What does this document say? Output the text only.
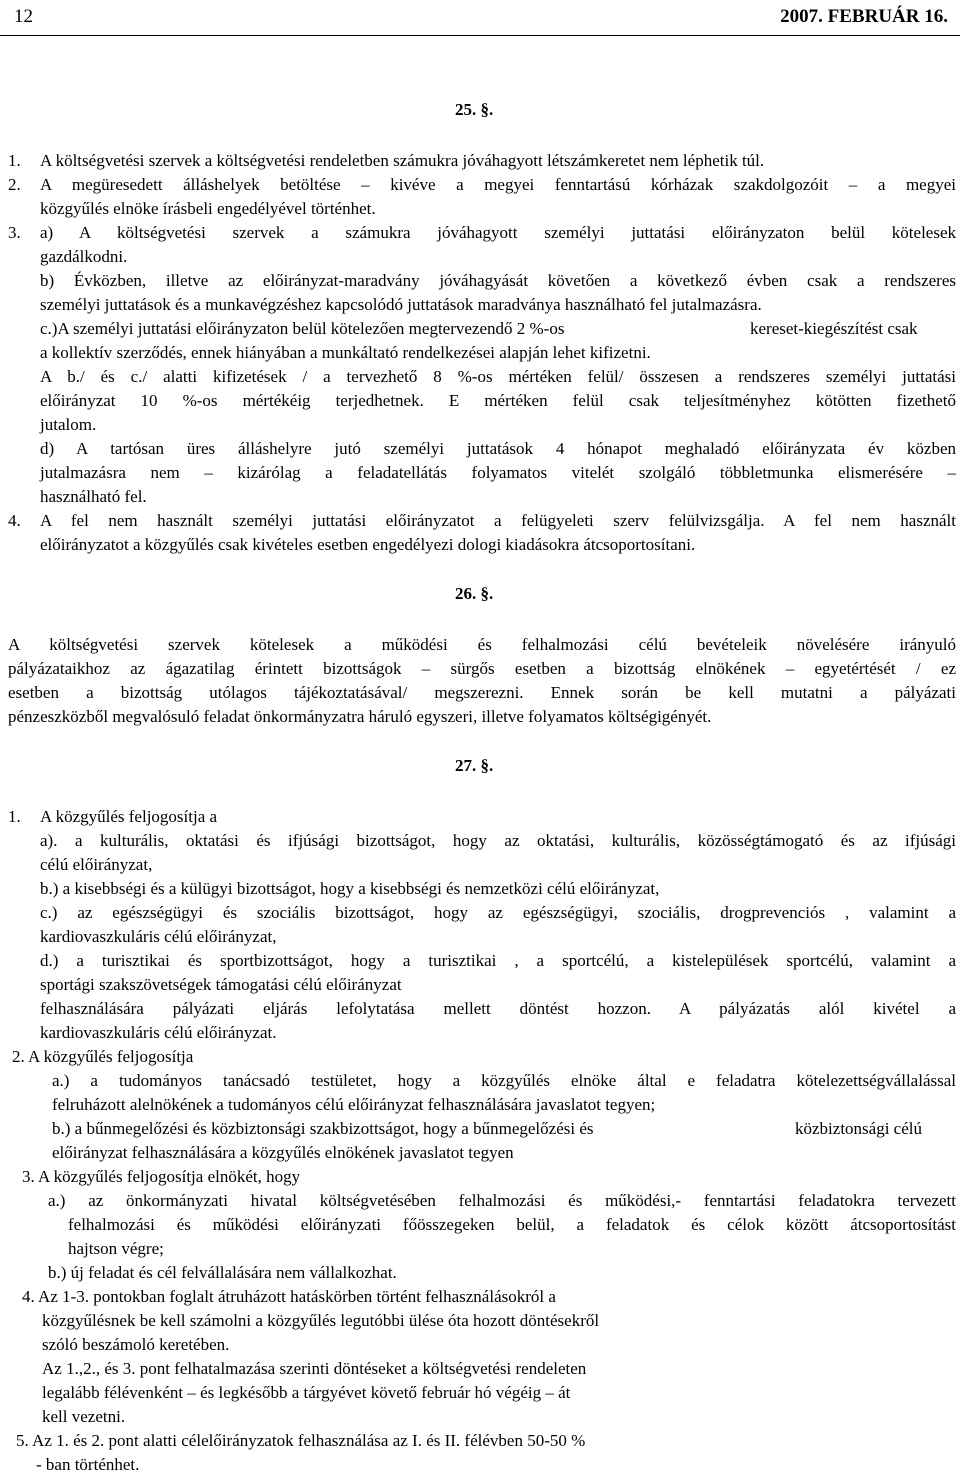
12	2007. FEBRUÁR 16.
25. §.
1. A költségvetési szervek a költségvetési rendeletben számukra jóváhagyott létszámkeretet nem léphetik túl.
2. A megüresedett álláshelyek betöltése – kivéve a megyei fenntartású kórházak szakdolgozóit – a megyei
közgyűlés elnöke írásbeli engedélyével történhet.
3. a) A költségvetési szervek a számukra jóváhagyott személyi juttatási előirányzaton belül kötelesek
gazdálkodni.
b) Évközben, illetve az előirányzat-maradvány jóváhagyását követően a következő évben csak a rendszeres
személyi juttatások és a munkavégzéshez kapcsolódó juttatások maradványa használható fel jutalmazásra.
c.)A személyi juttatási előirányzaton belül kötelezően megtervezendő 2 %-os	kereset-kiegészítést csak
a kollektív szerződés, ennek hiányában a munkáltató rendelkezései alapján lehet kifizetni.
A b./ és c./ alatti kifizetések / a tervezhető 8 %-os mértéken felül/ összesen a rendszeres személyi juttatási
előirányzat 10 %-os mértékéig terjedhetnek. E mértéken felül csak teljesítményhez kötötten fizethető
jutalom.
d) A tartósan üres álláshelyre jutó személyi juttatások 4 hónapot meghaladó előirányzata év közben
jutalmazásra nem – kizárólag a feladatellátás folyamatos vitelét szolgáló többletmunka elismerésére –
használható fel.
4. A fel nem használt személyi juttatási előirányzatot a felügyeleti szerv felülvizsgálja. A fel nem használt
előirányzatot a közgyűlés csak kivételes esetben engedélyezi dologi kiadásokra átcsoportosítani.
26. §.
A költségvetési szervek kötelesek a működési és felhalmozási célú bevételeik növelésére irányuló
pályázataikhoz az ágazatilag érintett bizottságok – sürgős esetben a bizottság elnökének – egyetértését / ez
esetben a bizottság utólagos tájékoztatásával/ megszerezni. Ennek során be kell mutatni a pályázati
pénzeszközből megvalósuló feladat önkormányzatra háruló egyszeri, illetve folyamatos költségigényét.
27. §.
1. A közgyűlés feljogosítja a
a). a kulturális, oktatási és ifjúsági bizottságot, hogy az oktatási, kulturális, közösségtámogató és az ifjúsági
célú előirányzat,
b.) a kisebbségi és a külügyi bizottságot, hogy a kisebbségi és nemzetközi célú előirányzat,
c.) az egészségügyi és szociális bizottságot, hogy az egészségügyi, szociális, drogprevenciós , valamint a
kardiovaszkuláris célú előirányzat,
d.) a turisztikai és sportbizottságot, hogy a turisztikai , a sportcélú, a kistelepülések sportcélú, valamint a
sportági szakszövetségek támogatási célú előirányzat
felhasználására pályázati eljárás lefolytatása mellett döntést hozzon. A pályázatás alól kivétel a
kardiovaszkuláris célú előirányzat.
2. A közgyűlés feljogosítja
a.) a tudományos tanácsadó testületet, hogy a közgyűlés elnöke által e feladatra kötelezettségvállalással
felruházott alelnökének a tudományos célú előirányzat felhasználására javaslatot tegyen;
b.) a bűnmegelőzési és közbiztonsági szakbizottságot, hogy a bűnmegelőzési és	közbiztonsági célú
előirányzat felhasználására a közgyűlés elnökének javaslatot tegyen
3. A közgyűlés feljogosítja elnökét, hogy
a.) az önkormányzati hivatal költségvetésében felhalmozási és működési,- fenntartási feladatokra tervezett
felhalmozási és működési előirányzati főösszegeken belül, a feladatok és célok között átcsoportosítást
hajtson végre;
b.) új feladat és cél felvállalására nem vállalkozhat.
4. Az 1-3. pontokban foglalt átruházott hatáskörben történt felhasználásokról a
közgyűlésnek be kell számolni a közgyűlés legutóbbi ülése óta hozott döntésekről
szóló beszámoló keretében.
Az 1.,2., és 3. pont felhatalmazása szerinti döntéseket a költségvetési rendeleten
legalább félévenként – és legkésőbb a tárgyévet követő február hó végéig – át
kell vezetni.
5. Az 1. és 2. pont alatti célelőirányzatok felhasználása az I. és II. félévben 50-50 %
- ban történhet.
